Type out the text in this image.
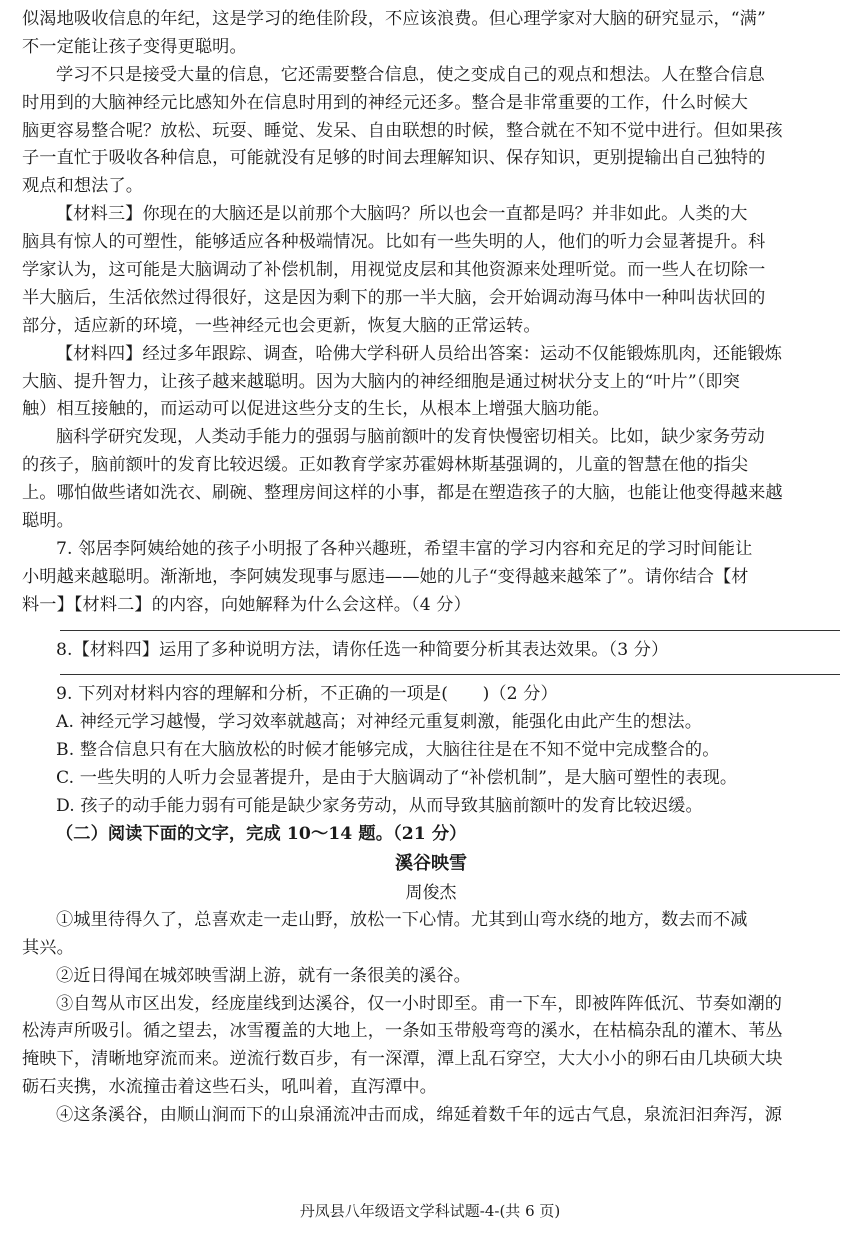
似渴地吸收信息的年纪，这是学习的绝佳阶段，不应该浪费。但心理学家对大脑的研究显示，“满”
不一定能让孩子变得更聪明。
学习不只是接受大量的信息，它还需要整合信息，使之变成自己的观点和想法。人在整合信息
时用到的大脑神经元比感知外在信息时用到的神经元还多。整合是非常重要的工作，什么时候大
脑更容易整合呢？放松、玩耍、睡觉、发呆、自由联想的时候，整合就在不知不觉中进行。但如果孩
子一直忙于吸收各种信息，可能就没有足够的时间去理解知识、保存知识，更别提输出自己独特的
观点和想法了。
【材料三】你现在的大脑还是以前那个大脑吗？所以也会一直都是吗？并非如此。人类的大
脑具有惊人的可塑性，能够适应各种极端情况。比如有一些失明的人，他们的听力会显著提升。科
学家认为，这可能是大脑调动了补偿机制，用视觉皮层和其他资源来处理听觉。而一些人在切除一
半大脑后，生活依然过得很好，这是因为剩下的那一半大脑，会开始调动海马体中一种叫齿状回的
部分，适应新的环境，一些神经元也会更新，恢复大脑的正常运转。
【材料四】经过多年跟踪、调查，哈佛大学科研人员给出答案：运动不仅能锻炼肌肉，还能锻炼
大脑、提升智力，让孩子越来越聪明。因为大脑内的神经细胞是通过树状分支上的“叶片”（即突
触）相互接触的，而运动可以促进这些分支的生长，从根本上增强大脑功能。
脑科学研究发现，人类动手能力的强弱与脑前额叶的发育快慢密切相关。比如，缺少家务劳动
的孩子，脑前额叶的发育比较迟缓。正如教育学家苏霍姆林斯基强调的，儿童的智慧在他的指尖
上。哪怕做些诸如洗衣、刷碗、整理房间这样的小事，都是在塑造孩子的大脑，也能让他变得越来越
聪明。
7. 邻居李阿姨给她的孩子小明报了各种兴趣班，希望丰富的学习内容和充足的学习时间能让
小明越来越聪明。渐渐地，李阿姨发现事与愿违——她的儿子“变得越来越笨了”。请你结合【材
料一】【材料二】的内容，向她解释为什么会这样。（4 分）
8.【材料四】运用了多种说明方法，请你任选一种简要分析其表达效果。（3 分）
9. 下列对材料内容的理解和分析，不正确的一项是(　　)（2 分）
A. 神经元学习越慢，学习效率就越高；对神经元重复刺激，能强化由此产生的想法。
B. 整合信息只有在大脑放松的时候才能够完成，大脑往往是在不知不觉中完成整合的。
C. 一些失明的人听力会显著提升，是由于大脑调动了“补偿机制”，是大脑可塑性的表现。
D. 孩子的动手能力弱有可能是缺少家务劳动，从而导致其脑前额叶的发育比较迟缓。
（二）阅读下面的文字，完成 10～14 题。（21 分）
溪谷映雪
周俊杰
①城里待得久了，总喜欢走一走山野，放松一下心情。尤其到山弯水绕的地方，数去而不减
其兴。
②近日得闻在城郊映雪湖上游，就有一条很美的溪谷。
③自驾从市区出发，经庞崖线到达溪谷，仅一小时即至。甫一下车，即被阵阵低沉、节奏如潮的
松涛声所吸引。循之望去，冰雪覆盖的大地上，一条如玉带般弯弯的溪水，在枯槁杂乱的灌木、苇丛
掩映下，清晰地穿流而来。逆流行数百步，有一深潭，潭上乱石穿空，大大小小的卵石由几块硕大块
砺石夹携，水流撞击着这些石头，吼叫着，直泻潭中。
④这条溪谷，由顺山涧而下的山泉涌流冲击而成，绵延着数千年的远古气息，泉流汩汩奔泻，源
丹凤县八年级语文学科试题-4-(共 6 页)
